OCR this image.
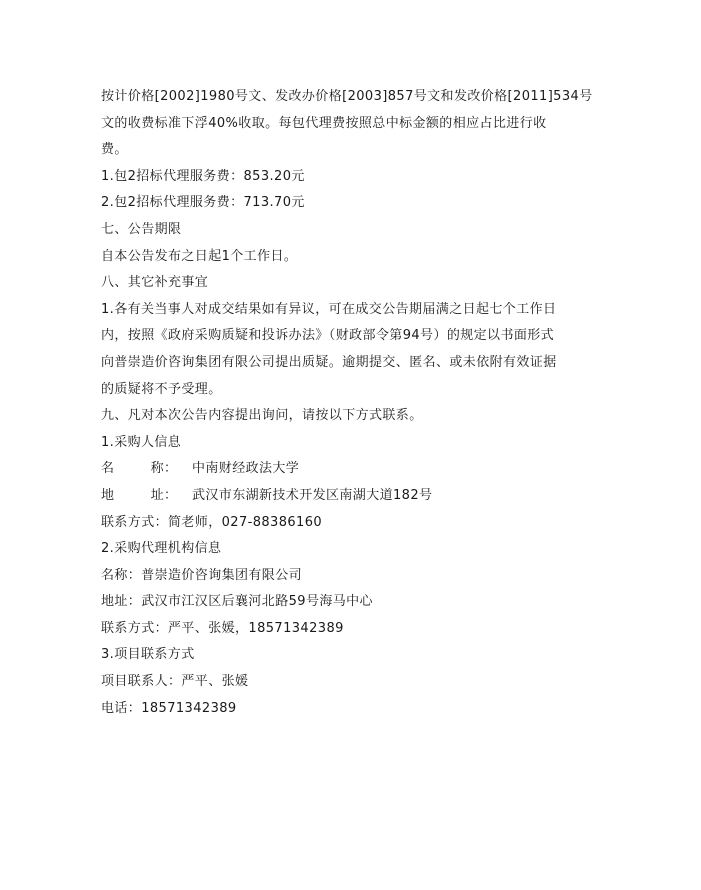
按计价格[2002]1980号文、发改办价格[2003]857号文和发改价格[2011]534号
文的收费标准下浮40%收取。每包代理费按照总中标金额的相应占比进行收
费。
1.包2招标代理服务费：853.20元
2.包2招标代理服务费：713.70元
七、公告期限
自本公告发布之日起1个工作日。
八、其它补充事宜
1.各有关当事人对成交结果如有异议，可在成交公告期届满之日起七个工作日
内，按照《政府采购质疑和投诉办法》（财政部令第94号）的规定以书面形式
向普崇造价咨询集团有限公司提出质疑。逾期提交、匿名、或未依附有效证据
的质疑将不予受理。
九、凡对本次公告内容提出询问，请按以下方式联系。
1.采购人信息
名        称： 中南财经政法大学
地        址： 武汉市东湖新技术开发区南湖大道182号
联系方式：简老师，027-88386160
2.采购代理机构信息
名称：普崇造价咨询集团有限公司
地址：武汉市江汉区后襄河北路59号海马中心
联系方式：严平、张媛，18571342389
3.项目联系方式
项目联系人：严平、张媛
电话：18571342389
